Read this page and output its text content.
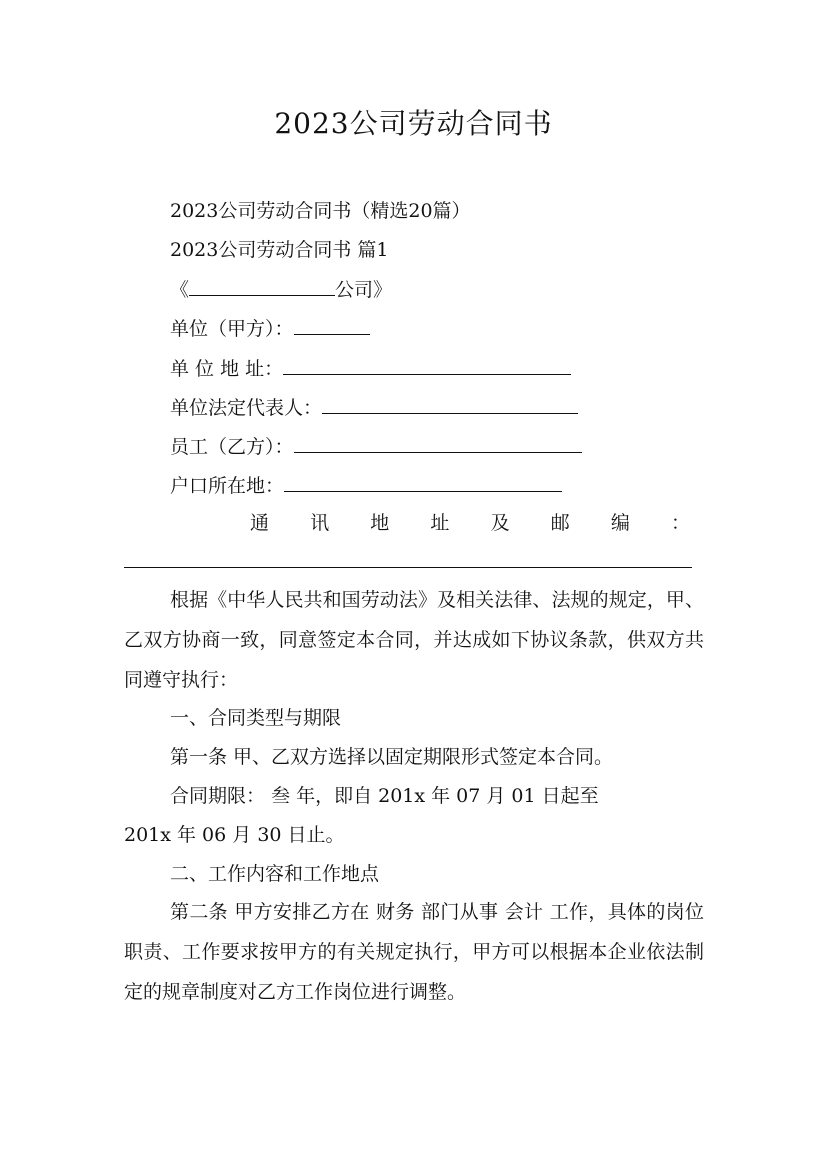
2023公司劳动合同书
2023公司劳动合同书（精选20篇）
2023公司劳动合同书 篇1
《	公司》
单位（甲方）：
单 位 地 址：
单位法定代表人：
员工（乙方）：
户口所在地：
通 讯 地 址 及 邮 编 ：
根据《中华人民共和国劳动法》及相关法律、法规的规定，甲、乙双方协商一致，同意签定本合同，并达成如下协议条款，供双方共同遵守执行：
一、合同类型与期限
第一条 甲、乙双方选择以固定期限形式签定本合同。
合同期限： 叁 年，即自 201x 年 07 月 01 日起至
201x 年 06 月 30 日止。
二、工作内容和工作地点
第二条 甲方安排乙方在 财务 部门从事 会计 工作，具体的岗位职责、工作要求按甲方的有关规定执行，甲方可以根据本企业依法制定的规章制度对乙方工作岗位进行调整。
